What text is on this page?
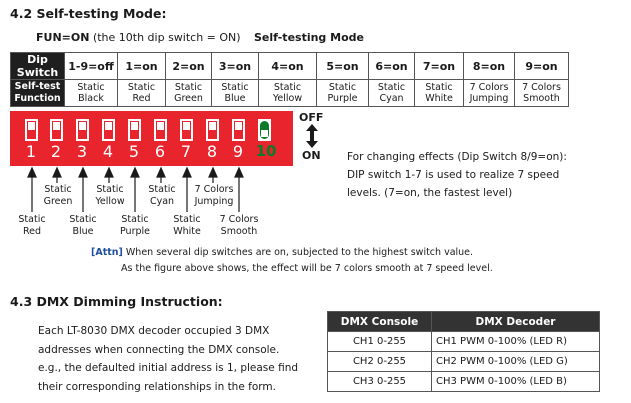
4.2 Self-testing Mode:
FUN=ON (the 10th dip switch = ON) Self-testing Mode
Dip Switch	1-9=off	1=on	2=on	3=on	4=on	5=on	6=on	7=on	8=on	9=on
Self-test Function	Static Black	Static Red	Static Green	Static Blue	Static Yellow	Static Purple	Static Cyan	Static White	7 Colors Jumping	7 Colors Smooth
1 2 3 4 5 6 7 8 9 10
OFF
ON	For changing effects (Dip Switch 8/9=on):
DIP switch 1-7 is used to realize 7 speed
levels. (7=on, the fastest level)
Static Green
Static Yellow
Static Cyan
7 Colors Jumping
Static Red
Static Blue
Static Purple
Static White
7 Colors Smooth
[Attn] When several dip switches are on, subjected to the highest switch value.
As the figure above shows, the effect will be 7 colors smooth at 7 speed level.
4.3 DMX Dimming Instruction:
Each LT-8030 DMX decoder occupied 3 DMX
addresses when connecting the DMX console.
e.g., the defaulted initial address is 1, please find
their corresponding relationships in the form.
DMX Console	DMX Decoder
CH1 0-255	CH1 PWM 0-100% (LED R)
CH2 0-255	CH2 PWM 0-100% (LED G)
CH3 0-255	CH3 PWM 0-100% (LED B)
